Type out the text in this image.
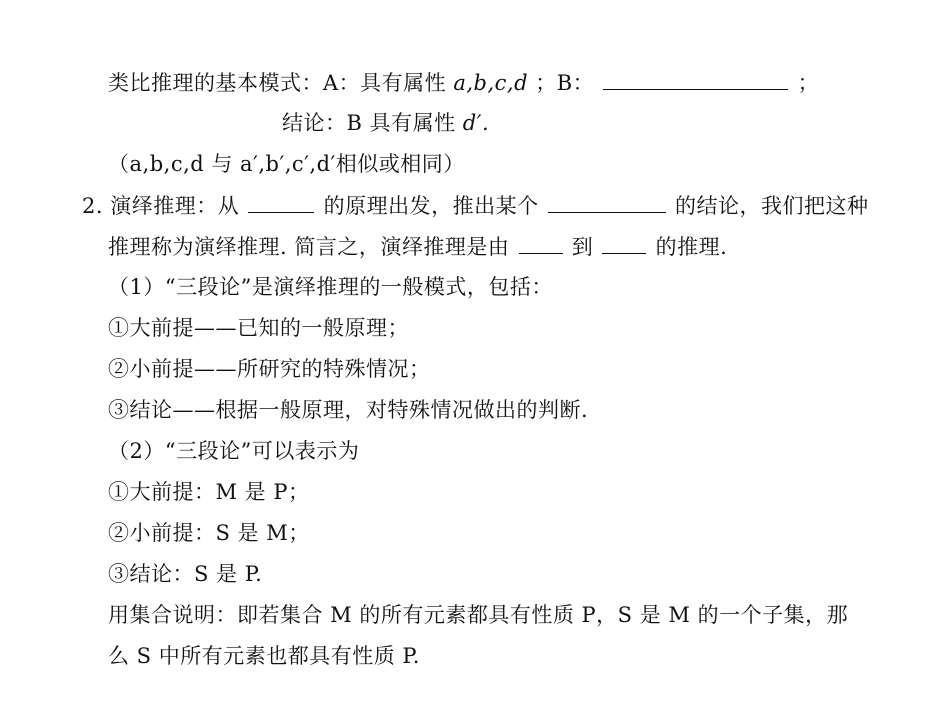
类比推理的基本模式：A：具有属性 a,b,c,d ；B：	；
结论：B 具有属性 d′.
（a,b,c,d 与 a′,b′,c′,d′相似或相同）
2. 演绎推理：从	的原理出发，推出某个	的结论，我们把这种
推理称为演绎推理. 简言之，演绎推理是由	到	的推理.
（1）“三段论”是演绎推理的一般模式，包括：
①大前提——已知的一般原理；
②小前提——所研究的特殊情况；
③结论——根据一般原理，对特殊情况做出的判断.
（2）“三段论”可以表示为
①大前提：M 是 P；
②小前提：S 是 M；
③结论：S 是 P.
用集合说明：即若集合 M 的所有元素都具有性质 P，S 是 M 的一个子集，那
么 S 中所有元素也都具有性质 P.
